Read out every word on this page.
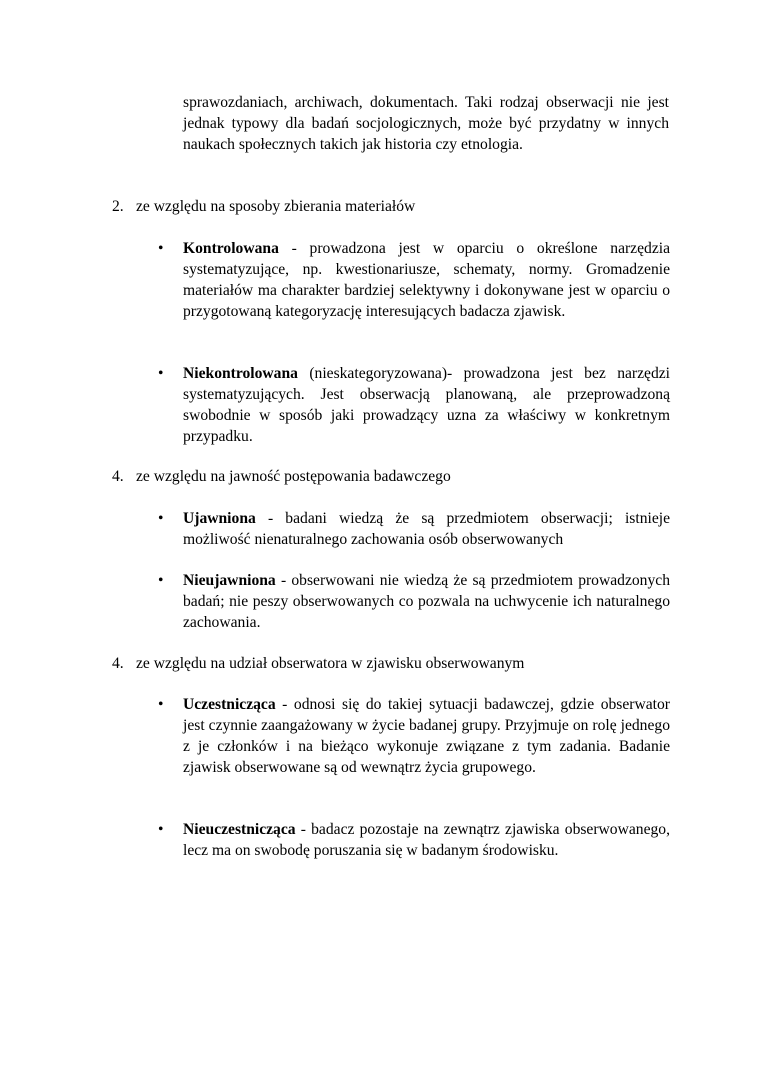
sprawozdaniach, archiwach, dokumentach. Taki rodzaj obserwacji nie jest jednak typowy dla badań socjologicznych, może być przydatny w innych naukach społecznych takich jak historia czy etnologia.

2. ze względu na sposoby zbierania materiałów
•	Kontrolowana - prowadzona jest w oparciu o określone narzędzia systematyzujące, np. kwestionariusze, schematy, normy. Gromadzenie materiałów ma charakter bardziej selektywny i dokonywane jest w oparciu o przygotowaną kategoryzację interesujących badacza zjawisk.
•	Niekontrolowana (nieskategoryzowana)- prowadzona jest bez narzędzi systematyzujących. Jest obserwacją planowaną, ale przeprowadzoną swobodnie w sposób jaki prowadzący uzna za właściwy w konkretnym przypadku.
4. ze względu na jawność postępowania badawczego
•	Ujawniona - badani wiedzą że są przedmiotem obserwacji; istnieje możliwość nienaturalnego zachowania osób obserwowanych
•	Nieujawniona - obserwowani nie wiedzą że są przedmiotem prowadzonych badań; nie peszy obserwowanych co pozwala na uchwycenie ich naturalnego zachowania.
4. ze względu na udział obserwatora w zjawisku obserwowanym
•	Uczestnicząca - odnosi się do takiej sytuacji badawczej, gdzie obserwator jest czynnie zaangażowany w życie badanej grupy. Przyjmuje on rolę jednego z je członków i na bieżąco wykonuje związane z tym zadania. Badanie zjawisk obserwowane są od wewnątrz życia grupowego.
•	Nieuczestnicząca - badacz pozostaje na zewnątrz zjawiska obserwowanego, lecz ma on swobodę poruszania się w badanym środowisku.
